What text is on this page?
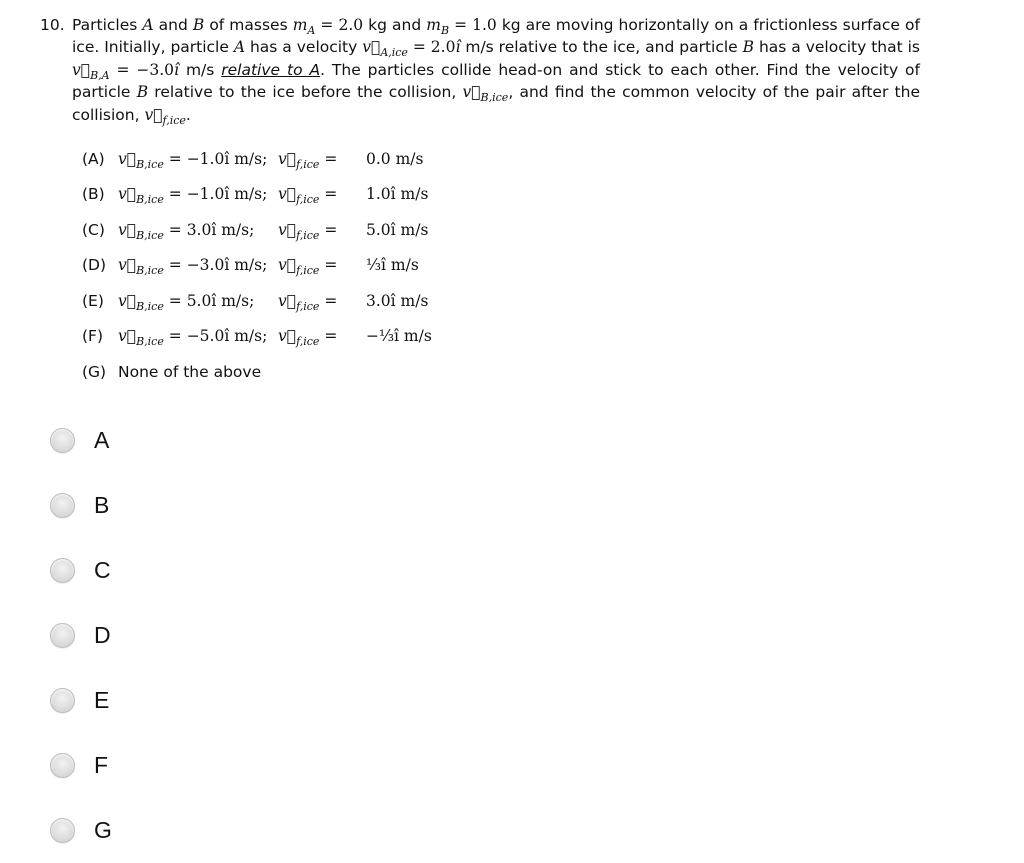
10. Particles A and B of masses $m_A = 2.0$ kg and $m_B = 1.0$ kg are moving horizontally on a frictionless surface of ice. Initially, particle A has a velocity $v⃗_{A,ice}$ = 2.0î m/s relative to the ice, and particle B has a velocity that is $v⃗_{B,A}$ = −3.0î m/s relative to A. The particles collide head-on and stick to each other. Find the velocity of particle B relative to the ice before the collision, $v⃗_{B,ice}$, and find the common velocity of the pair after the collision, $v⃗_{f,ice}$.
(A) $v⃗_{B,ice}$ = −1.0î m/s; $v⃗_{f,ice}$ =	0.0 m/s
(B) $v⃗_{B,ice}$ = −1.0î m/s; $v⃗_{f,ice}$ =	1.0î m/s
(C) $v⃗_{B,ice}$ = 3.0î m/s;	$v⃗_{f,ice}$ =	5.0î m/s
(D) $v⃗_{B,ice}$ = −3.0î m/s; $v⃗_{f,ice}$ =	⅓î m/s
(E) $v⃗_{B,ice}$ = 5.0î m/s;	$v⃗_{f,ice}$ =	3.0î m/s
(F) $v⃗_{B,ice}$ = −5.0î m/s; $v⃗_{f,ice}$ =	−⅓î m/s
(G) None of the above
A
B
C
D
E
F
G
